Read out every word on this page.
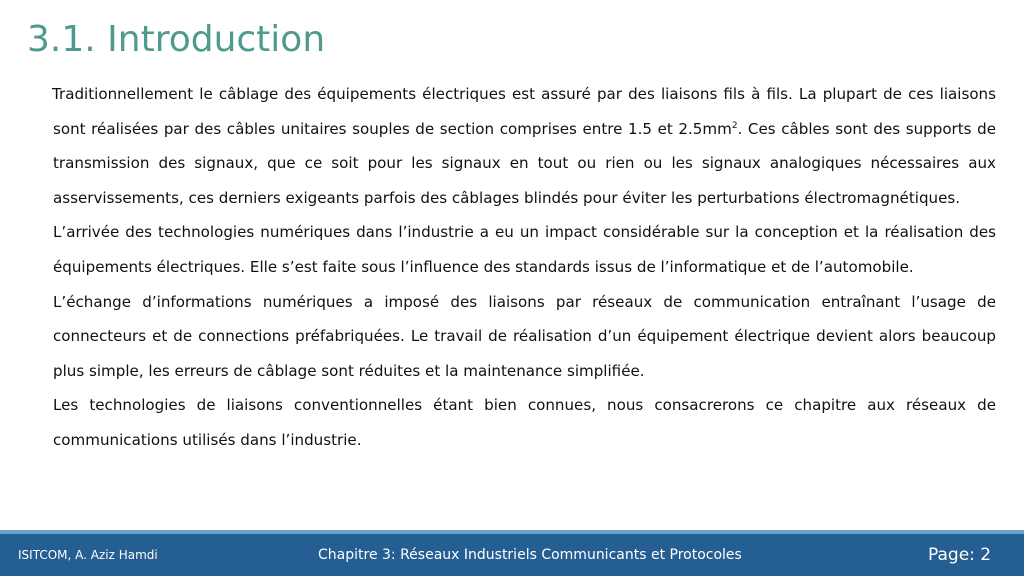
3.1. Introduction

Traditionnellement le câblage des équipements électriques est assuré par des liaisons fils à fils. La plupart de ces liaisons sont réalisées par des câbles unitaires souples de section comprises entre 1.5 et $2.5mm^2$. Ces câbles sont des supports de transmission des signaux, que ce soit pour les signaux en tout ou rien ou les signaux analogiques nécessaires aux asservissements, ces derniers exigeants parfois des câblages blindés pour éviter les perturbations électromagnétiques.

L’arrivée des technologies numériques dans l’industrie a eu un impact considérable sur la conception et la réalisation des équipements électriques. Elle s’est faite sous l’influence des standards issus de l’informatique et de l’automobile.

L’échange d’informations numériques a imposé des liaisons par réseaux de communication entraînant l’usage de connecteurs et de connections préfabriquées. Le travail de réalisation d’un équipement électrique devient alors beaucoup plus simple, les erreurs de câblage sont réduites et la maintenance simplifiée.

Les technologies de liaisons conventionnelles étant bien connues, nous consacrerons ce chapitre aux réseaux de communications utilisés dans l’industrie.

ISITCOM, A. Aziz Hamdi	Chapitre 3: Réseaux Industriels Communicants et Protocoles	Page: 2
